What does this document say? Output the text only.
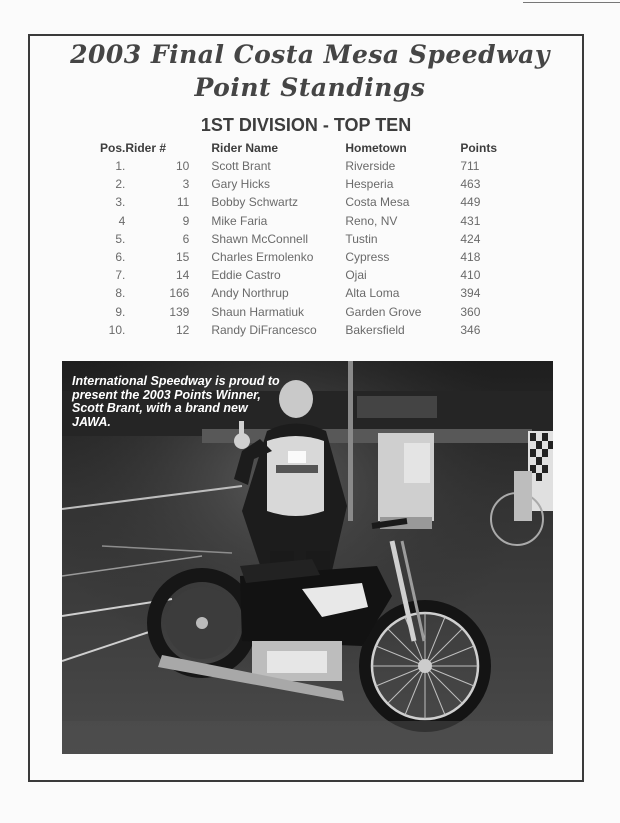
2003 Final Costa Mesa Speedway
Point Standings
1ST DIVISION - TOP TEN
Pos.	Rider #		Rider Name	Hometown	Points
1.	10		Scott Brant	Riverside	711
2.	3		Gary Hicks	Hesperia	463
3.	11		Bobby Schwartz	Costa Mesa	449
4	9		Mike Faria	Reno, NV	431
5.	6		Shawn McConnell	Tustin	424
6.	15		Charles Ermolenko	Cypress	418
7.	14		Eddie Castro	Ojai	410
8.	166		Andy Northrup	Alta Loma	394
9.	139		Shaun Harmatiuk	Garden Grove	360
10.	12		Randy DiFrancesco	Bakersfield	346
International Speedway is proud to present the 2003 Points Winner, Scott Brant, with a brand new JAWA.
